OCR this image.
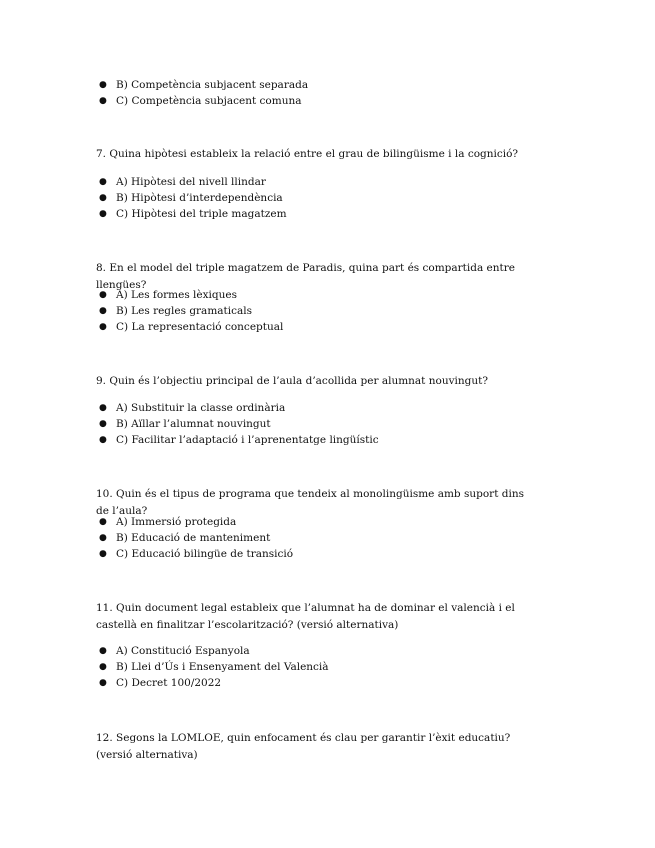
● B) Competència subjacent separada
● C) Competència subjacent comuna
7. Quina hipòtesi estableix la relació entre el grau de bilingüisme i la cognició?
● A) Hipòtesi del nivell llindar
● B) Hipòtesi d’interdependència
● C) Hipòtesi del triple magatzem
8. En el model del triple magatzem de Paradis, quina part és compartida entre llengües?
● A) Les formes lèxiques
● B) Les regles gramaticals
● C) La representació conceptual
9. Quin és l’objectiu principal de l’aula d’acollida per alumnat nouvingut?
● A) Substituir la classe ordinària
● B) Aïllar l’alumnat nouvingut
● C) Facilitar l’adaptació i l’aprenentatge lingüístic
10. Quin és el tipus de programa que tendeix al monolingüisme amb suport dins de l’aula?
● A) Immersió protegida
● B) Educació de manteniment
● C) Educació bilingüe de transició
11. Quin document legal estableix que l’alumnat ha de dominar el valencià i el castellà en finalitzar l’escolarització? (versió alternativa)
● A) Constitució Espanyola
● B) Llei d’Ús i Ensenyament del Valencià
● C) Decret 100/2022
12. Segons la LOMLOE, quin enfocament és clau per garantir l’èxit educatiu? (versió alternativa)
